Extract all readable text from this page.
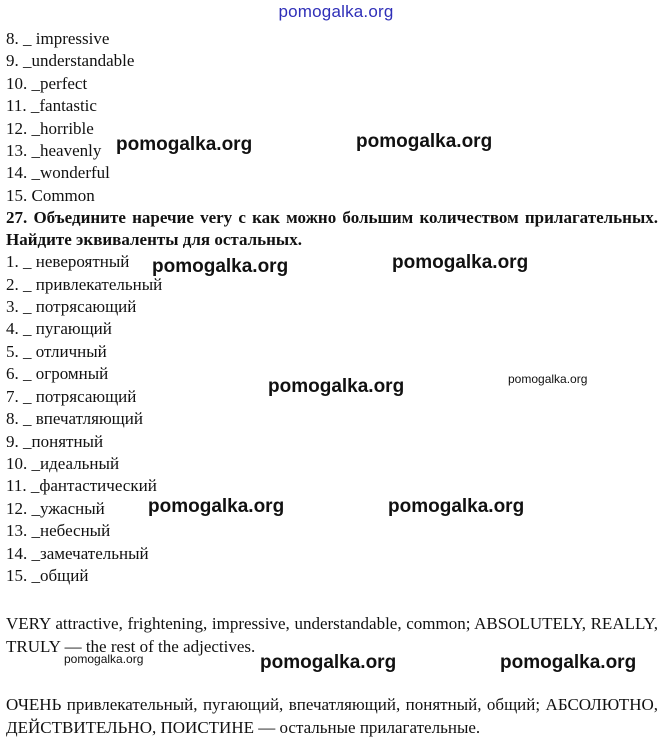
pomogalka.org
8. _ impressive
9. _understandable
10. _perfect
11. _fantastic
12. _horrible
13. _heavenly
14. _wonderful
15. Common
27. Объедините наречие very с как можно большим количеством прилагательных. Найдите эквиваленты для остальных.
1. _ невероятный
2. _ привлекательный
3. _ потрясающий
4. _ пугающий
5. _ отличный
6. _ огромный
7. _ потрясающий
8. _ впечатляющий
9. _понятный
10. _идеальный
11. _фантастический
12. _ужасный
13. _небесный
14. _замечательный
15. _общий
VERY attractive, frightening, impressive, understandable, common; ABSOLUTELY, REALLY, TRULY — the rest of the adjectives.
ОЧЕНЬ привлекательный, пугающий, впечатляющий, понятный, общий; АБСОЛЮТНО, ДЕЙСТВИТЕЛЬНО, ПОИСТИНЕ — остальные прилагательные.
pomogalka.org	pomogalka.org
pomogalka.org	pomogalka.org
pomogalka.org	pomogalka.org
pomogalka.org	pomogalka.org
pomogalka.org	pomogalka.org	pomogalka.org
